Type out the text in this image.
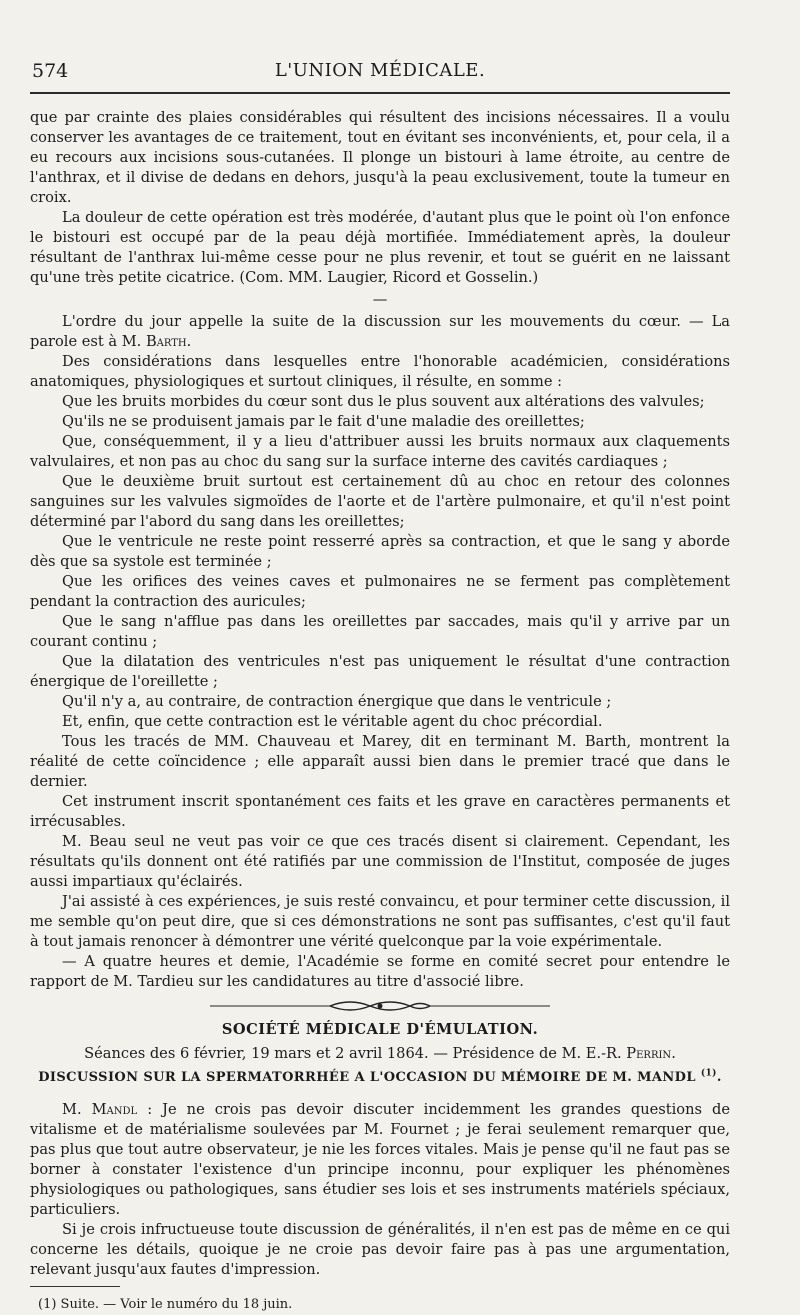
574	L'UNION MÉDICALE.

que par crainte des plaies considérables qui résultent des incisions nécessaires. Il a voulu conserver les avantages de ce traitement, tout en évitant ses inconvénients, et, pour cela, il a eu recours aux incisions sous-cutanées. Il plonge un bistouri à lame étroite, au centre de l'anthrax, et il divise de dedans en dehors, jusqu'à la peau exclusivement, toute la tumeur en croix.

La douleur de cette opération est très modérée, d'autant plus que le point où l'on enfonce le bistouri est occupé par de la peau déjà mortifiée. Immédiatement après, la douleur résultant de l'anthrax lui-même cesse pour ne plus revenir, et tout se guérit en ne laissant qu'une très petite cicatrice. (Com. MM. Laugier, Ricord et Gosselin.)

—

L'ordre du jour appelle la suite de la discussion sur les mouvements du cœur. — La parole est à M. Barth.

Des considérations dans lesquelles entre l'honorable académicien, considérations anatomiques, physiologiques et surtout cliniques, il résulte, en somme :

Que les bruits morbides du cœur sont dus le plus souvent aux altérations des valvules;

Qu'ils ne se produisent jamais par le fait d'une maladie des oreillettes;

Que, conséquemment, il y a lieu d'attribuer aussi les bruits normaux aux claquements valvulaires, et non pas au choc du sang sur la surface interne des cavités cardiaques ;

Que le deuxième bruit surtout est certainement dû au choc en retour des colonnes sanguines sur les valvules sigmoïdes de l'aorte et de l'artère pulmonaire, et qu'il n'est point déterminé par l'abord du sang dans les oreillettes;

Que le ventricule ne reste point resserré après sa contraction, et que le sang y aborde dès que sa systole est terminée ;

Que les orifices des veines caves et pulmonaires ne se ferment pas complètement pendant la contraction des auricules;

Que le sang n'afflue pas dans les oreillettes par saccades, mais qu'il y arrive par un courant continu ;

Que la dilatation des ventricules n'est pas uniquement le résultat d'une contraction énergique de l'oreillette ;

Qu'il n'y a, au contraire, de contraction énergique que dans le ventricule ;

Et, enfin, que cette contraction est le véritable agent du choc précordial.

Tous les tracés de MM. Chauveau et Marey, dit en terminant M. Barth, montrent la réalité de cette coïncidence ; elle apparaît aussi bien dans le premier tracé que dans le dernier.

Cet instrument inscrit spontanément ces faits et les grave en caractères permanents et irrécusables.

M. Beau seul ne veut pas voir ce que ces tracés disent si clairement. Cependant, les résultats qu'ils donnent ont été ratifiés par une commission de l'Institut, composée de juges aussi impartiaux qu'éclairés.

J'ai assisté à ces expériences, je suis resté convaincu, et pour terminer cette discussion, il me semble qu'on peut dire, que si ces démonstrations ne sont pas suffisantes, c'est qu'il faut à tout jamais renoncer à démontrer une vérité quelconque par la voie expérimentale.

— A quatre heures et demie, l'Académie se forme en comité secret pour entendre le rapport de M. Tardieu sur les candidatures au titre d'associé libre.

SOCIÉTÉ MÉDICALE D'ÉMULATION.
Séances des 6 février, 19 mars et 2 avril 1864. — Présidence de M. E.-R. Perrin.
DISCUSSION SUR LA SPERMATORRHÉE A L'OCCASION DU MÉMOIRE DE M. MANDL $^{(1)}$.

M. Mandl : Je ne crois pas devoir discuter incidemment les grandes questions de vitalisme et de matérialisme soulevées par M. Fournet ; je ferai seulement remarquer que, pas plus que tout autre observateur, je nie les forces vitales. Mais je pense qu'il ne faut pas se borner à constater l'existence d'un principe inconnu, pour expliquer les phénomènes physiologiques ou pathologiques, sans étudier ses lois et ses instruments matériels spéciaux, particuliers.

Si je crois infructueuse toute discussion de généralités, il n'en est pas de même en ce qui concerne les détails, quoique je ne croie pas devoir faire pas à pas une argumentation, relevant jusqu'aux fautes d'impression.

(1) Suite. — Voir le numéro du 18 juin.
